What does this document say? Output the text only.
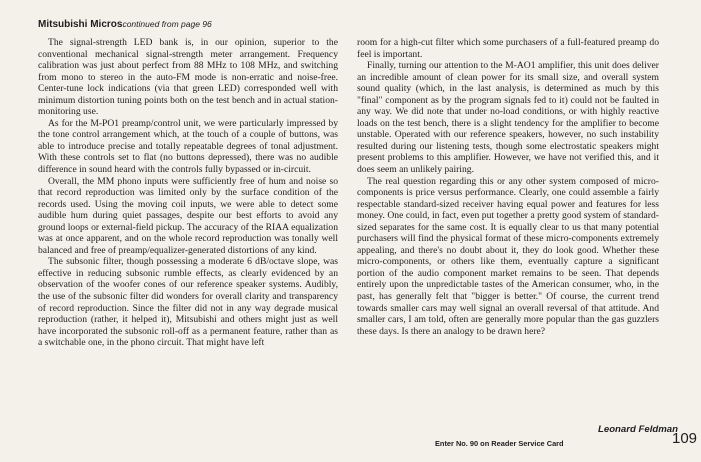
Mitsubishi Microscontinued from page 96

The signal-strength LED bank is, in our opinion, superior to the conventional mechanical signal-strength meter arrangement. Frequency calibration was just about perfect from 88 MHz to 108 MHz, and switching from mono to stereo in the auto-FM mode is non-erratic and noise-free. Center-tune lock indications (via that green LED) corresponded well with minimum distortion tuning points both on the test bench and in actual station-monitoring use.

As for the M-PO1 preamp/control unit, we were particularly impressed by the tone control arrangement which, at the touch of a couple of buttons, was able to introduce precise and totally repeatable degrees of tonal adjustment. With these controls set to flat (no buttons depressed), there was no audible difference in sound heard with the controls fully bypassed or in-circuit.

Overall, the MM phono inputs were sufficiently free of hum and noise so that record reproduction was limited only by the surface condition of the records used. Using the moving coil inputs, we were able to detect some audible hum during quiet passages, despite our best efforts to avoid any ground loops or external-field pickup. The accuracy of the RIAA equalization was at once apparent, and on the whole record reproduction was tonally well balanced and free of preamp/equalizer-generated distortions of any kind.

The subsonic filter, though possessing a moderate 6 dB/octave slope, was effective in reducing subsonic rumble effects, as clearly evidenced by an observation of the woofer cones of our reference speaker systems. Audibly, the use of the subsonic filter did wonders for overall clarity and transparency of record reproduction. Since the filter did not in any way degrade musical reproduction (rather, it helped it), Mitsubishi and others might just as well have incorporated the subsonic roll-off as a permanent feature, rather than as a switchable one, in the phono circuit. That might have left

room for a high-cut filter which some purchasers of a full-featured preamp do feel is important.

Finally, turning our attention to the M-AO1 amplifier, this unit does deliver an incredible amount of clean power for its small size, and overall system sound quality (which, in the last analysis, is determined as much by this "final" component as by the program signals fed to it) could not be faulted in any way. We did note that under no-load conditions, or with highly reactive loads on the test bench, there is a slight tendency for the amplifier to become unstable. Operated with our reference speakers, however, no such instability resulted during our listening tests, though some electrostatic speakers might present problems to this amplifier. However, we have not verified this, and it does seem an unlikely pairing.

The real question regarding this or any other system composed of micro-components is price versus performance. Clearly, one could assemble a fairly respectable standard-sized receiver having equal power and features for less money. One could, in fact, even put together a pretty good system of standard-sized separates for the same cost. It is equally clear to us that many potential purchasers will find the physical format of these micro-components extremely appealing, and there's no doubt about it, they do look good. Whether these micro-components, or others like them, eventually capture a significant portion of the audio component market remains to be seen. That depends entirely upon the unpredictable tastes of the American consumer, who, in the past, has generally felt that "bigger is better." Of course, the current trend towards smaller cars may well signal an overall reversal of that attitude. And smaller cars, I am told, often are generally more popular than the gas guzzlers these days. Is there an analogy to be drawn here?

Leonard Feldman
Enter No. 90 on Reader Service Card	109
